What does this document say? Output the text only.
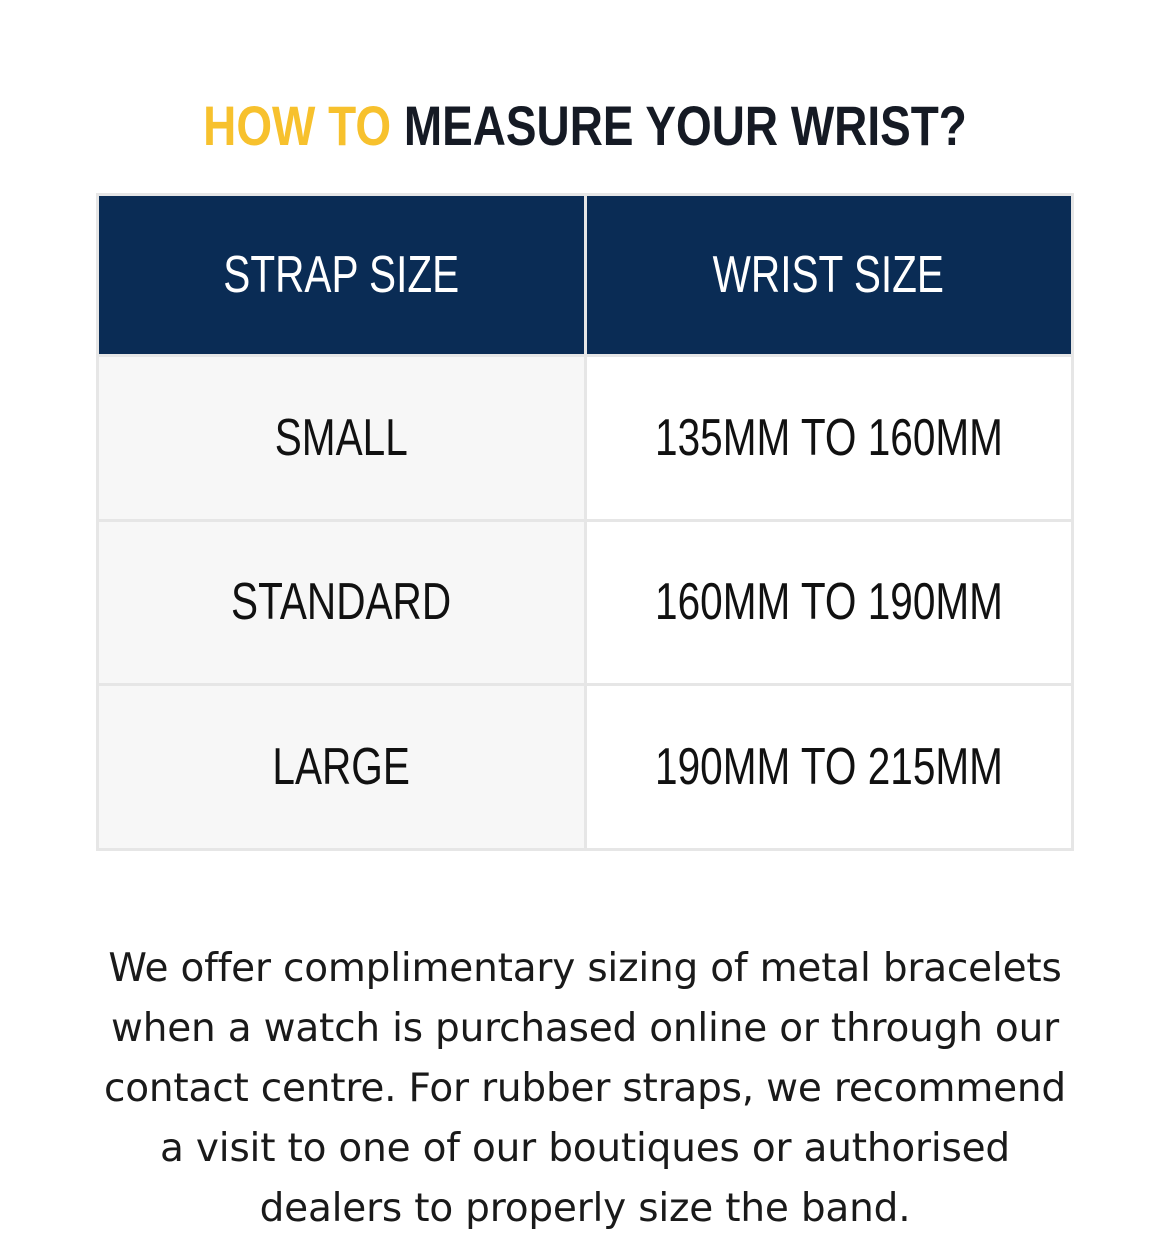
HOW TO MEASURE YOUR WRIST?
STRAP SIZE	WRIST SIZE
SMALL	135MM TO 160MM
STANDARD	160MM TO 190MM
LARGE	190MM TO 215MM

We offer complimentary sizing of metal bracelets when a watch is purchased online or through our contact centre. For rubber straps, we recommend a visit to one of our boutiques or authorised dealers to properly size the band.
